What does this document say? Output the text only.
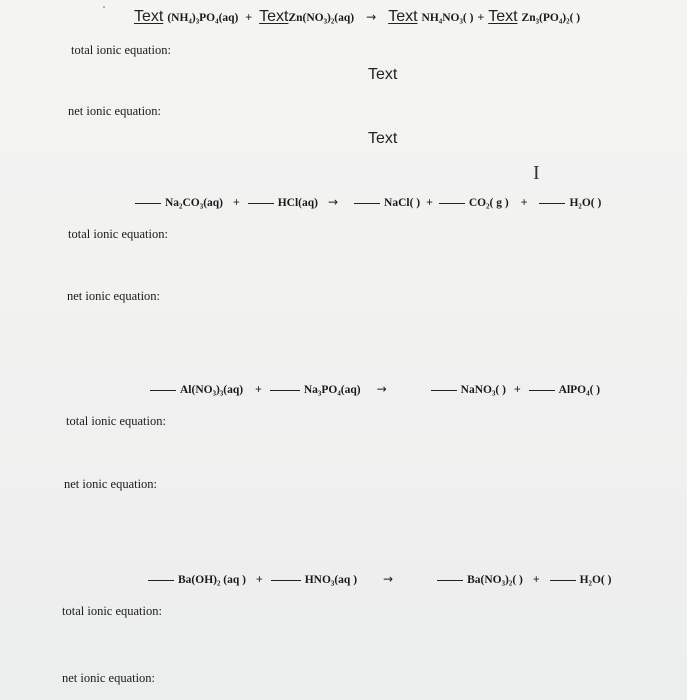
Text (NH₄)₃PO₄(aq) + TextZn(NO₃)₂(aq) → Text NH₄NO₃( ) + Text Zn₃(PO₄)₂( )
total ionic equation:
Text
net ionic equation:
Text
I
Na₂CO₃(aq) +	HCl(aq) →	NaCl( ) +	CO₂( g ) +	H₂O( )
total ionic equation:
net ionic equation:
Al(NO₃)₃(aq) +	Na₃PO₄(aq) →	NaNO₃( ) +	AlPO₄( )
total ionic equation:
net ionic equation:
Ba(OH)₂ (aq ) +	HNO₃(aq ) →	Ba(NO₃)₂( ) +	H₂O( )
total ionic equation:
net ionic equation:
